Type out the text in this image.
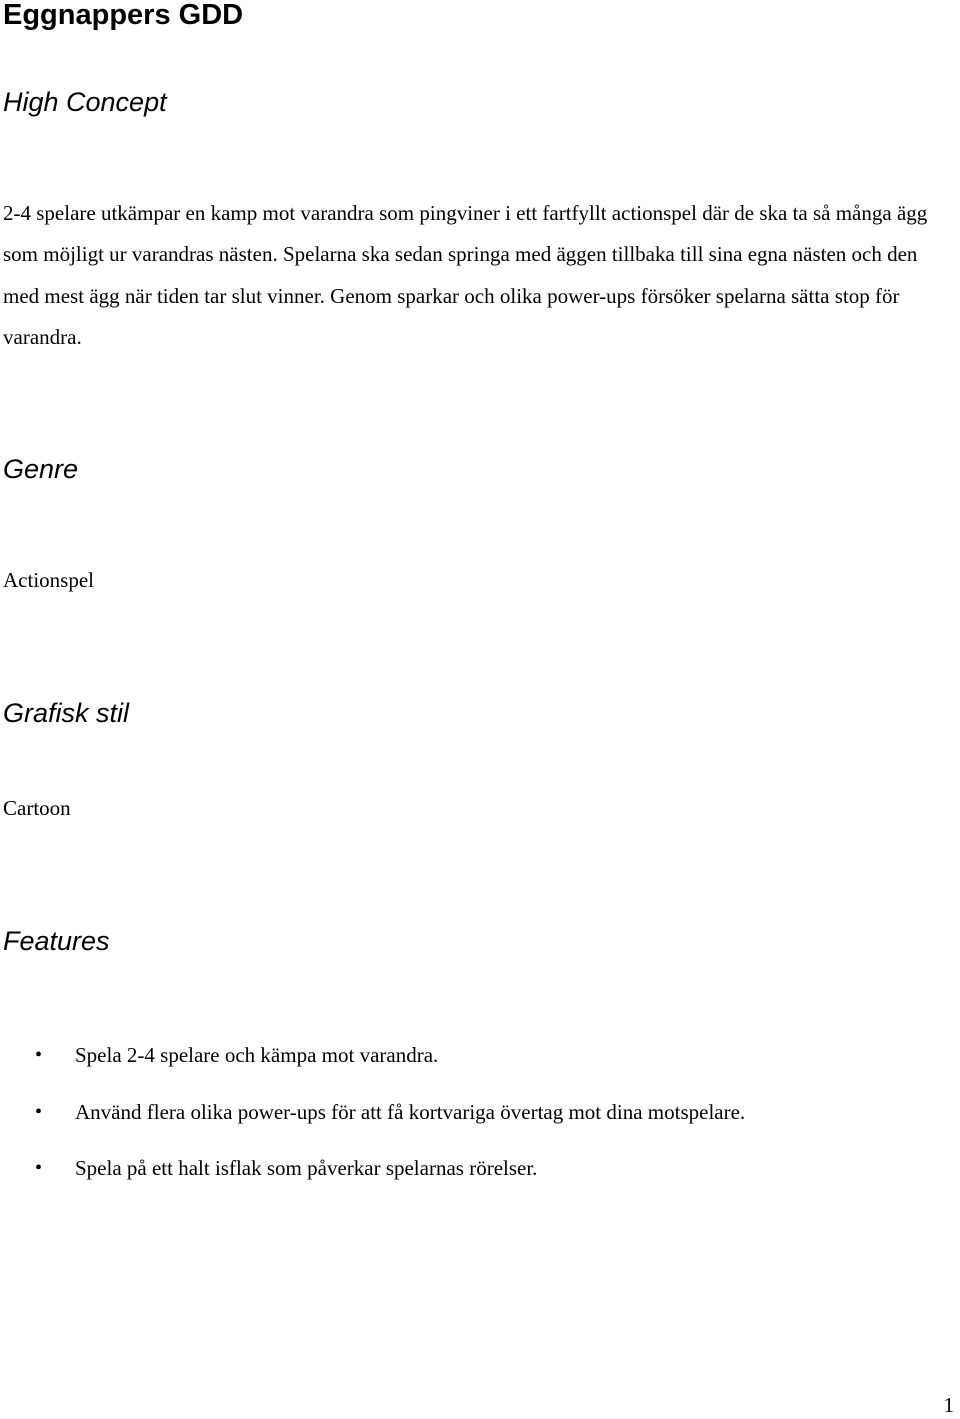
Eggnappers GDD
High Concept

2-4 spelare utkämpar en kamp mot varandra som pingviner i ett fartfyllt actionspel där de ska ta så många ägg som möjligt ur varandras nästen. Spelarna ska sedan springa med äggen tillbaka till sina egna nästen och den med mest ägg när tiden tar slut vinner. Genom sparkar och olika power-ups försöker spelarna sätta stop för varandra.

Genre

Actionspel

Grafisk stil

Cartoon

Features
• Spela 2-4 spelare och kämpa mot varandra.
• Använd flera olika power-ups för att få kortvariga övertag mot dina motspelare.
• Spela på ett halt isflak som påverkar spelarnas rörelser.
1
